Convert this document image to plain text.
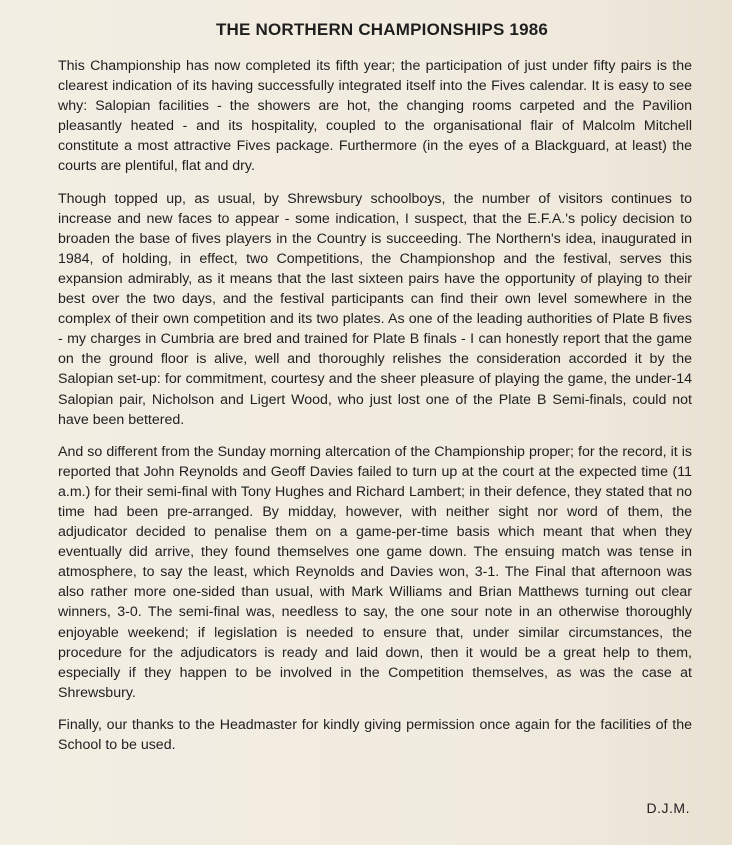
THE NORTHERN CHAMPIONSHIPS 1986

This Championship has now completed its fifth year; the participation of just under fifty pairs is the clearest indication of its having successfully integrated itself into the Fives calendar. It is easy to see why: Salopian facilities - the showers are hot, the changing rooms carpeted and the Pavilion pleasantly heated - and its hospitality, coupled to the organisational flair of Malcolm Mitchell constitute a most attractive Fives package. Furthermore (in the eyes of a Blackguard, at least) the courts are plentiful, flat and dry.

Though topped up, as usual, by Shrewsbury schoolboys, the number of visitors continues to increase and new faces to appear - some indication, I suspect, that the E.F.A.'s policy decision to broaden the base of fives players in the Country is succeeding. The Northern's idea, inaugurated in 1984, of holding, in effect, two Competitions, the Championshop and the festival, serves this expansion admirably, as it means that the last sixteen pairs have the opportunity of playing to their best over the two days, and the festival participants can find their own level somewhere in the complex of their own competition and its two plates. As one of the leading authorities of Plate B fives - my charges in Cumbria are bred and trained for Plate B finals - I can honestly report that the game on the ground floor is alive, well and thoroughly relishes the consideration accorded it by the Salopian set-up: for commitment, courtesy and the sheer pleasure of playing the game, the under-14 Salopian pair, Nicholson and Ligert Wood, who just lost one of the Plate B Semi-finals, could not have been bettered.

And so different from the Sunday morning altercation of the Championship proper; for the record, it is reported that John Reynolds and Geoff Davies failed to turn up at the court at the expected time (11 a.m.) for their semi-final with Tony Hughes and Richard Lambert; in their defence, they stated that no time had been pre-arranged. By midday, however, with neither sight nor word of them, the adjudicator decided to penalise them on a game-per-time basis which meant that when they eventually did arrive, they found themselves one game down. The ensuing match was tense in atmosphere, to say the least, which Reynolds and Davies won, 3-1. The Final that afternoon was also rather more one-sided than usual, with Mark Williams and Brian Matthews turning out clear winners, 3-0. The semi-final was, needless to say, the one sour note in an otherwise thoroughly enjoyable weekend; if legislation is needed to ensure that, under similar circumstances, the procedure for the adjudicators is ready and laid down, then it would be a great help to them, especially if they happen to be involved in the Competition themselves, as was the case at Shrewsbury.

Finally, our thanks to the Headmaster for kindly giving permission once again for the facilities of the School to be used.

D.J.M.
